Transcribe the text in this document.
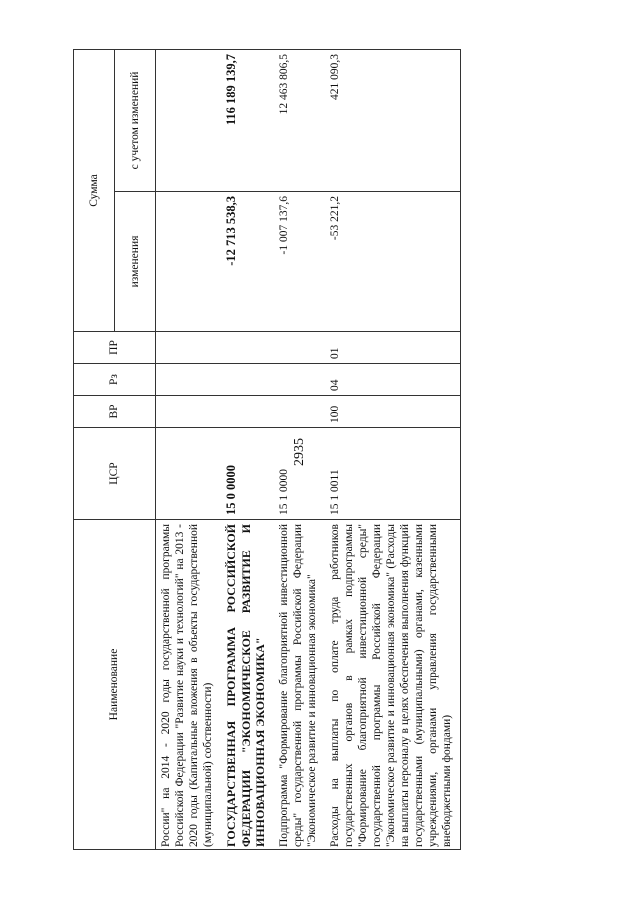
2935
Наименование	ЦСР	ВР	Рз	ПР	Сумма	
					изменения	с учетом изменений
России" на 2014 - 2020 годы государственной программы Российской Федерации "Развитие науки и технологий" на 2013 - 2020 годы (Капитальные вложения в объекты государственной (муниципальной) собственности)						
ГОСУДАРСТВЕННАЯ ПРОГРАММА РОССИЙСКОЙ ФЕДЕРАЦИИ "ЭКОНОМИЧЕСКОЕ РАЗВИТИЕ И ИННОВАЦИОННАЯ ЭКОНОМИКА"	15 0 0000				-12 713 538,3	116 189 139,7
Подпрограмма "Формирование благоприятной инвестиционной среды" государственной программы Российской Федерации "Экономическое развитие и инновационная экономика"	15 1 0000				-1 007 137,6	12 463 806,5
Расходы на выплаты по оплате труда работников государственных органов в рамках подпрограммы "Формирование благоприятной инвестиционной среды" государственной программы Российской Федерации "Экономическое развитие и инновационная экономика" (Расходы на выплаты персоналу в целях обеспечения выполнения функций государственными (муниципальными) органами, казенными учреждениями, органами управления государственными внебюджетными фондами)	15 1 0011	100	04	01	-53 221,2	421 090,3
